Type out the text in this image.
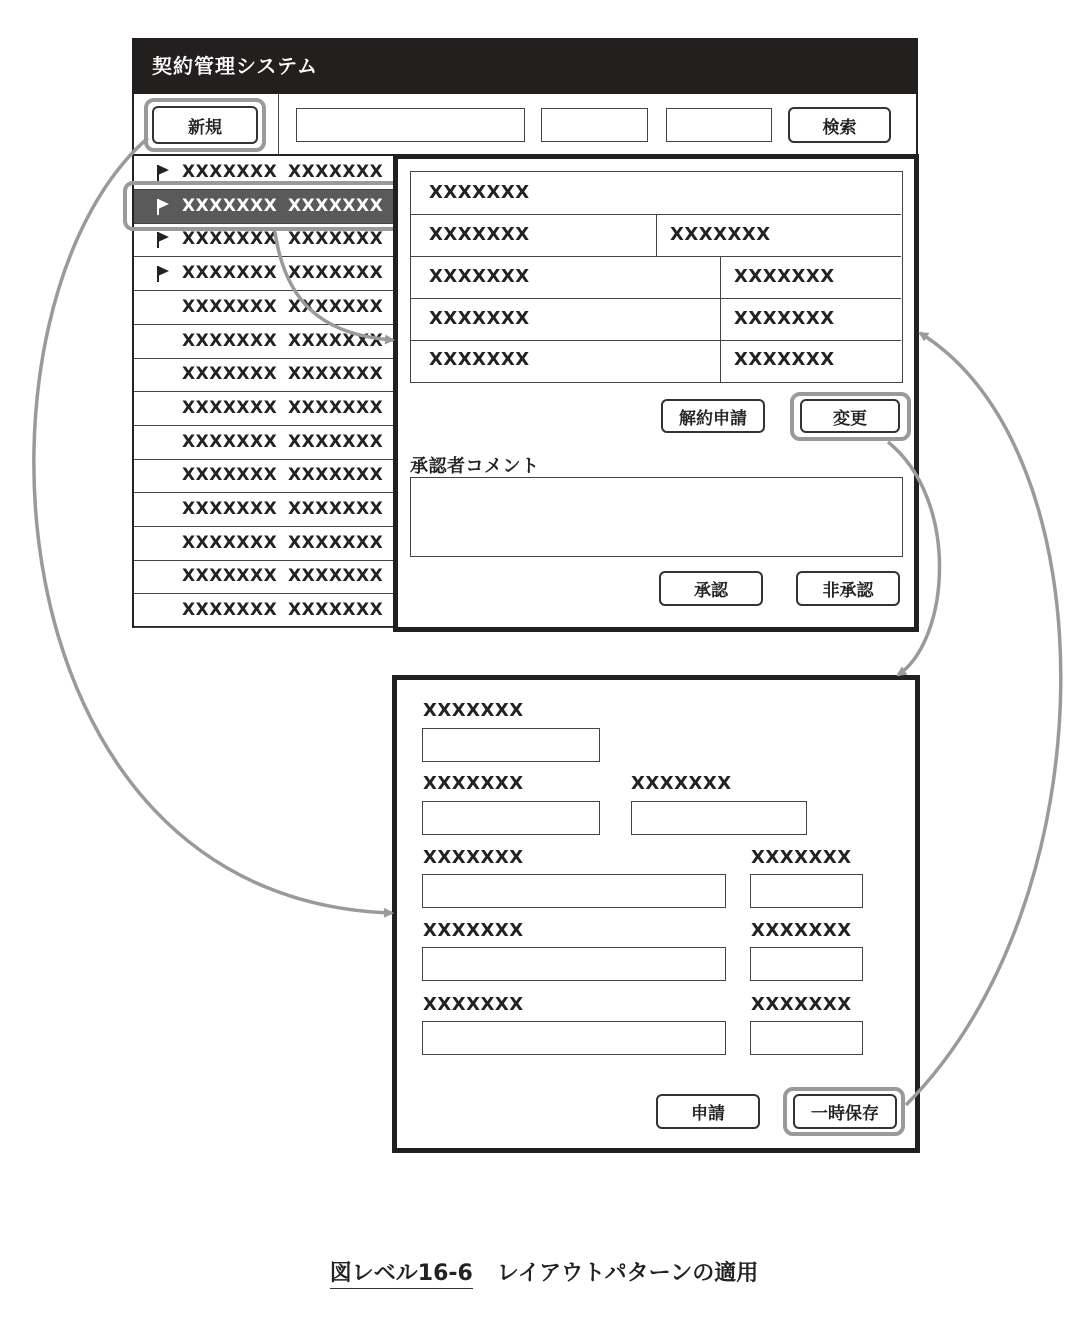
契約管理システム
新規	検索
XXXXXXX XXXXXXX
XXXXXXX XXXXXXX
XXXXXXX XXXXXXX
XXXXXXX XXXXXXX
XXXXXXX XXXXXXX
XXXXXXX XXXXXXX
XXXXXXX XXXXXXX
XXXXXXX XXXXXXX
XXXXXXX XXXXXXX
XXXXXXX XXXXXXX
XXXXXXX XXXXXXX
XXXXXXX XXXXXXX
XXXXXXX XXXXXXX
XXXXXXX XXXXXXX
XXXXXXX
XXXXXXX	XXXXXXX
XXXXXXX	XXXXXXX
XXXXXXX	XXXXXXX
XXXXXXX	XXXXXXX
解約申請	変更
承認者コメント
承認	非承認
XXXXXXX
XXXXXXX	XXXXXXX
XXXXXXX	XXXXXXX
XXXXXXX	XXXXXXX
XXXXXXX	XXXXXXX
申請	一時保存
図レベル16-6 レイアウトパターンの適用
